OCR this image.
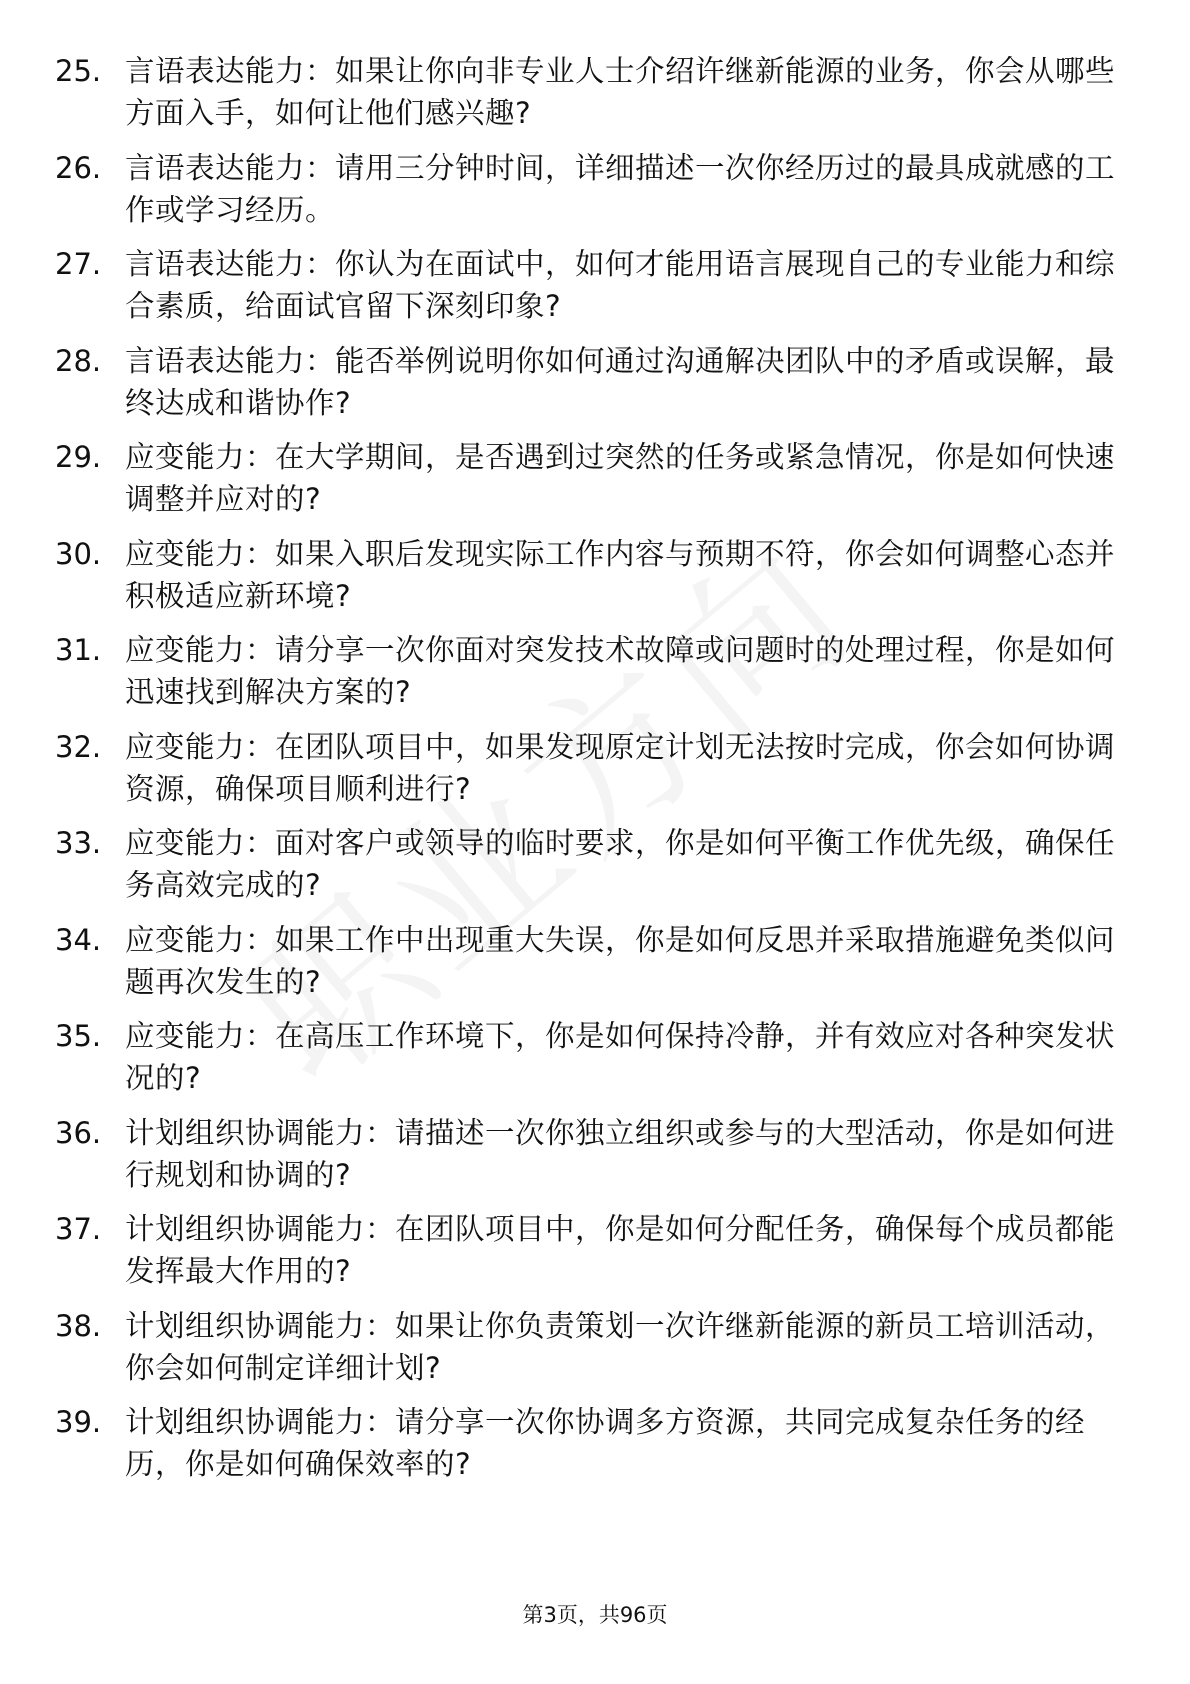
25. 言语表达能力：如果让你向非专业人士介绍许继新能源的业务，你会从哪些方面入手，如何让他们感兴趣?
26. 言语表达能力：请用三分钟时间，详细描述一次你经历过的最具成就感的工作或学习经历。
27. 言语表达能力：你认为在面试中，如何才能用语言展现自己的专业能力和综合素质，给面试官留下深刻印象?
28. 言语表达能力：能否举例说明你如何通过沟通解决团队中的矛盾或误解，最终达成和谐协作?
29. 应变能力：在大学期间，是否遇到过突然的任务或紧急情况，你是如何快速调整并应对的?
30. 应变能力：如果入职后发现实际工作内容与预期不符，你会如何调整心态并积极适应新环境?
31. 应变能力：请分享一次你面对突发技术故障或问题时的处理过程，你是如何迅速找到解决方案的?
32. 应变能力：在团队项目中，如果发现原定计划无法按时完成，你会如何协调资源，确保项目顺利进行?
33. 应变能力：面对客户或领导的临时要求，你是如何平衡工作优先级，确保任务高效完成的?
34. 应变能力：如果工作中出现重大失误，你是如何反思并采取措施避免类似问题再次发生的?
35. 应变能力：在高压工作环境下，你是如何保持冷静，并有效应对各种突发状况的?
36. 计划组织协调能力：请描述一次你独立组织或参与的大型活动，你是如何进行规划和协调的?
37. 计划组织协调能力：在团队项目中，你是如何分配任务，确保每个成员都能发挥最大作用的?
38. 计划组织协调能力：如果让你负责策划一次许继新能源的新员工培训活动，你会如何制定详细计划?
39. 计划组织协调能力：请分享一次你协调多方资源，共同完成复杂任务的经历，你是如何确保效率的?
第3页，共96页
